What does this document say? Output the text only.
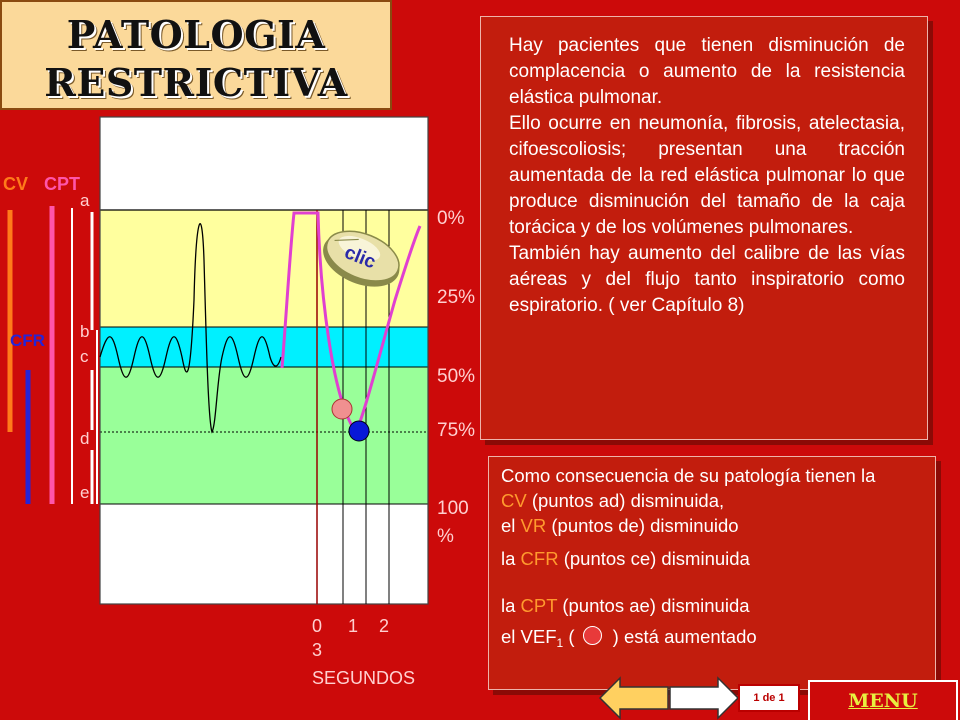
PATOLOGIA
RESTRICTIVA
CV CPT
CFR
a
b
c
d
e
0%
25%
50%
75%
100
%
0 1 2
3
SEGUNDOS
clic

Hay pacientes que tienen disminución de complacencia o aumento de la resistencia elástica pulmonar.

Ello ocurre en neumonía, fibrosis, atelectasia, cifoescoliosis; presentan una tracción aumentada de la red elástica pulmonar lo que produce disminución del tamaño de la caja torácica y de los volúmenes pulmonares.

También hay aumento del calibre de las vías aéreas y del flujo tanto inspiratorio como espiratorio. ( ver Capítulo 8)

Como consecuencia de su patología tienen la
CV (puntos ad) disminuida,
el VR (puntos de) disminuido
la CFR (puntos ce) disminuida
la CPT (puntos ae) disminuida
el $VEF_1$ ( ) está aumentado
1 de 1	MENU
